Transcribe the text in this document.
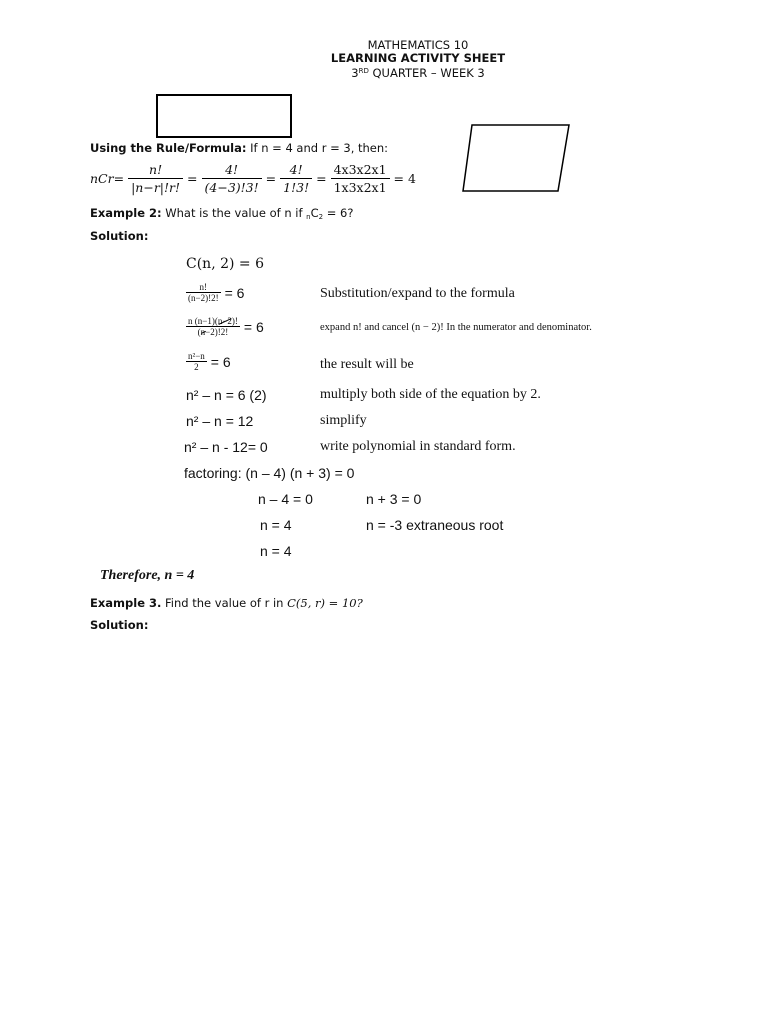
MATHEMATICS 10
LEARNING ACTIVITY SHEET
3RD QUARTER – WEEK 3
Using the Rule/Formula: If n = 4 and r = 3, then:
$nCr= \frac{n!}{|n-r|!r!} = \frac{4!}{(4-3)!3!} = \frac{4!}{1!3!} = \frac{4x3x2x1}{1x3x2x1} = 4$
Example 2: What is the value of n if nC2 = 6?
Solution:
C(n, 2) = 6
$\frac{n!}{(n-2)!2!} = 6$	Substitution/expand to the formula
$\frac{n (n-1)(n-2)!}{(n-2)!2!} = 6$	expand n! and cancel (n − 2)! In the numerator and denominator.
$\frac{\text{n²−n}}{2} = 6$	the result will be
n² – n = 6 (2)	multiply both side of the equation by 2.
n² – n = 12	simplify
n² – n - 12= 0	write polynomial in standard form.
factoring: (n – 4) (n + 3) = 0
n – 4 = 0	n + 3 = 0
n = 4	n = -3 extraneous root
n = 4
Therefore, n = 4
Example 3. Find the value of r in C(5, r) = 10?
Solution:
